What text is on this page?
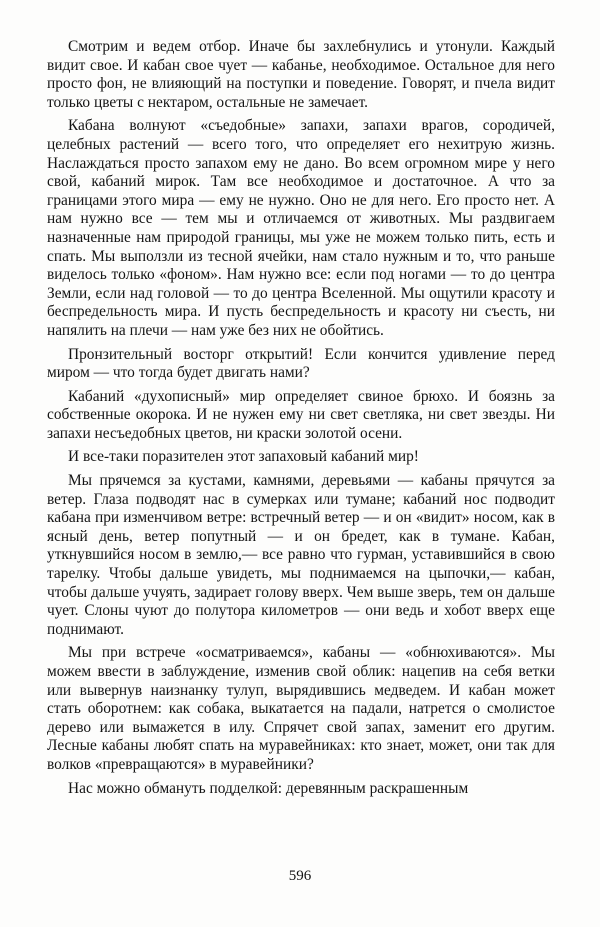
Смотрим и ведем отбор. Иначе бы захлебнулись и утонули. Каждый видит свое. И кабан свое чует — кабанье, необходимое. Остальное для него просто фон, не влияющий на поступки и поведение. Говорят, и пчела видит только цветы с нектаром, остальные не замечает.

Кабана волнуют «съедобные» запахи, запахи врагов, сородичей, целебных растений — всего того, что определяет его нехитрую жизнь. Наслаждаться просто запахом ему не дано. Во всем огромном мире у него свой, кабаний мирок. Там все необходимое и достаточное. А что за границами этого мира — ему не нужно. Оно не для него. Его просто нет. А нам нужно все — тем мы и отличаемся от животных. Мы раздвигаем назначенные нам природой границы, мы уже не можем только пить, есть и спать. Мы выползли из тесной ячейки, нам стало нужным и то, что раньше виделось только «фоном». Нам нужно все: если под ногами — то до центра Земли, если над головой — то до центра Вселенной. Мы ощутили красоту и беспредельность мира. И пусть беспредельность и красоту ни съесть, ни напялить на плечи — нам уже без них не обойтись.

Пронзительный восторг открытий! Если кончится удивление перед миром — что тогда будет двигать нами?

Кабаний «духописный» мир определяет свиное брюхо. И боязнь за собственные окорока. И не нужен ему ни свет светляка, ни свет звезды. Ни запахи несъедобных цветов, ни краски золотой осени.

И все-таки поразителен этот запаховый кабаний мир!

Мы прячемся за кустами, камнями, деревьями — кабаны прячутся за ветер. Глаза подводят нас в сумерках или тумане; кабаний нос подводит кабана при изменчивом ветре: встречный ветер — и он «видит» носом, как в ясный день, ветер попутный — и он бредет, как в тумане. Кабан, уткнувшийся носом в землю,— все равно что гурман, уставившийся в свою тарелку. Чтобы дальше увидеть, мы поднимаемся на цыпочки,— кабан, чтобы дальше учуять, задирает голову вверх. Чем выше зверь, тем он дальше чует. Слоны чуют до полутора километров — они ведь и хобот вверх еще поднимают.

Мы при встрече «осматриваемся», кабаны — «обнюхиваются». Мы можем ввести в заблуждение, изменив свой облик: нацепив на себя ветки или вывернув наизнанку тулуп, вырядившись медведем. И кабан может стать оборотнем: как собака, выкатается на падали, натрется о смолистое дерево или вымажется в илу. Спрячет свой запах, заменит его другим. Лесные кабаны любят спать на муравейниках: кто знает, может, они так для волков «превращаются» в муравейники?

Нас можно обмануть подделкой: деревянным раскрашенным

596
